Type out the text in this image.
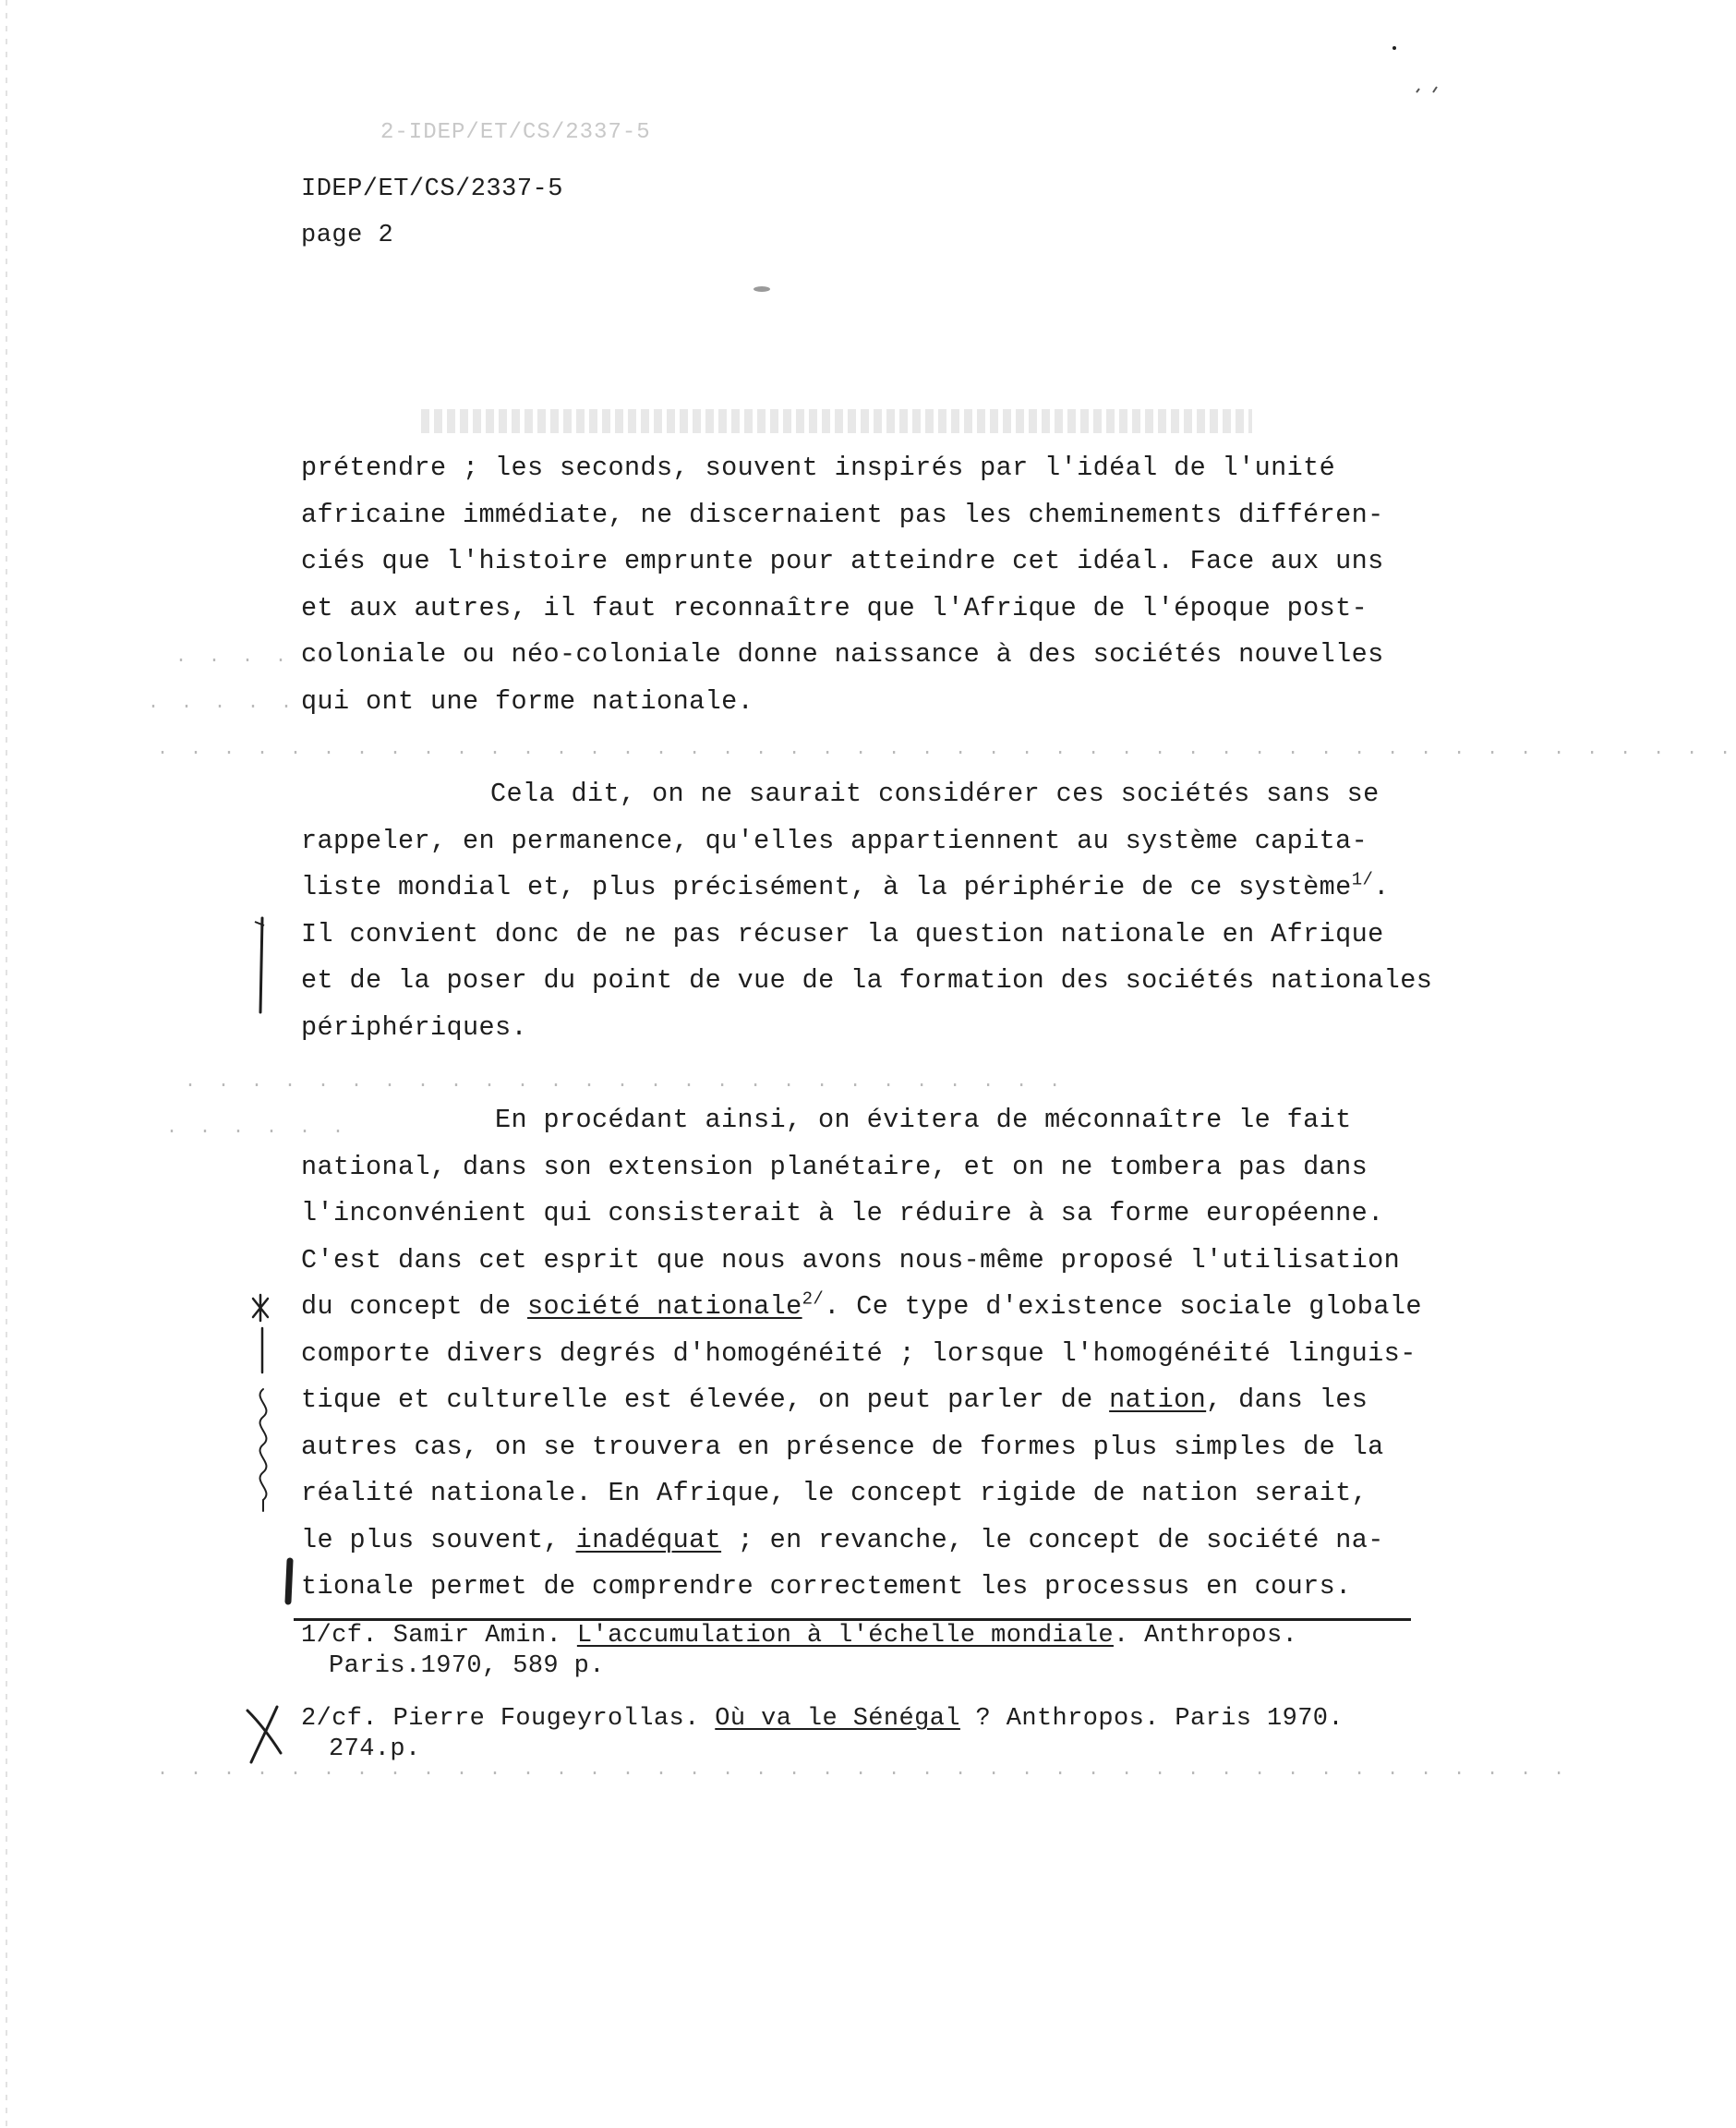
2-IDEP/ET/CS/2337-5
IDEP/ET/CS/2337-5
page 2
. . . . .
. . . . . .
. . . . . . . . . . . . . . . . . . . . . . . . . . . . . . . . . . . . . . . . . . . . . . . .
. . . . . . . . . . . . . . . . . . . . . . . . . . .
. . . . . .
. . . . . . . . . . . . . . . . . . . . . . . . . . . . . . . . . . . . . . . . . . .
prétendre ; les seconds, souvent inspirés par l'idéal de l'unité
africaine immédiate, ne discernaient pas les cheminements différen-
ciés que l'histoire emprunte pour atteindre cet idéal. Face aux uns
et aux autres, il faut reconnaître que l'Afrique de l'époque post-
coloniale ou néo-coloniale donne naissance à des sociétés nouvelles
qui ont une forme nationale.
Cela dit, on ne saurait considérer ces sociétés sans se
rappeler, en permanence, qu'elles appartiennent au système capita-
liste mondial et, plus précisément, à la périphérie de ce système$^{1/}$.
Il convient donc de ne pas récuser la question nationale en Afrique
et de la poser du point de vue de la formation des sociétés nationales
périphériques.
En procédant ainsi, on évitera de méconnaître le fait
national, dans son extension planétaire, et on ne tombera pas dans
l'inconvénient qui consisterait à le réduire à sa forme européenne.
C'est dans cet esprit que nous avons nous-même proposé l'utilisation
du concept de société nationale$^{2/}$. Ce type d'existence sociale globale
comporte divers degrés d'homogénéité ; lorsque l'homogénéité linguis-
tique et culturelle est élevée, on peut parler de nation, dans les
autres cas, on se trouvera en présence de formes plus simples de la
réalité nationale. En Afrique, le concept rigide de nation serait,
le plus souvent, inadéquat ; en revanche, le concept de société na-
tionale permet de comprendre correctement les processus en cours.
1/cf. Samir Amin. L'accumulation à l'échelle mondiale. Anthropos.
Paris.1970, 589 p.
2/cf. Pierre Fougeyrollas. Où va le Sénégal ? Anthropos. Paris 1970.
274.p.
